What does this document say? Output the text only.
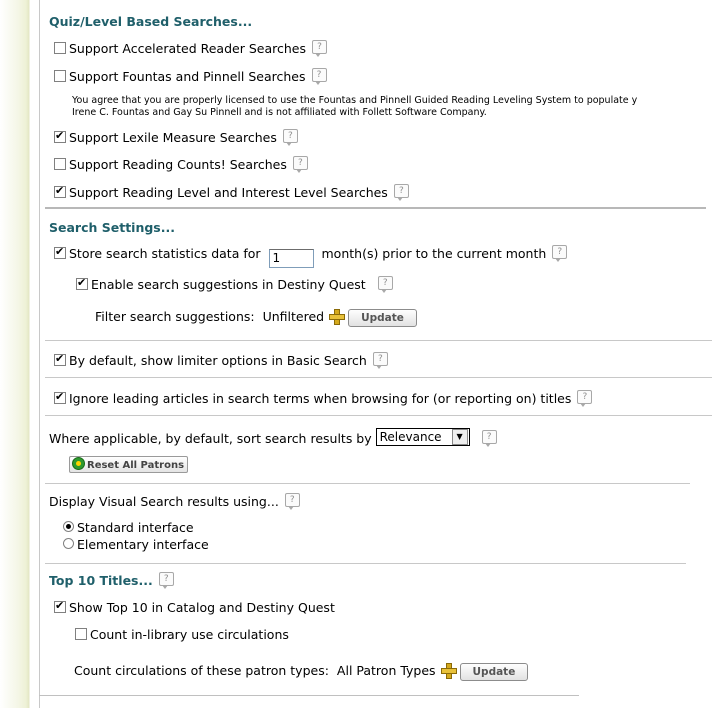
Quiz/Level Based Searches...
Support Accelerated Reader Searches ?
Support Fountas and Pinnell Searches ?
You agree that you are properly licensed to use the Fountas and Pinnell Guided Reading Leveling System to populate y
Irene C. Fountas and Gay Su Pinnell and is not affiliated with Follett Software Company.
✔Support Lexile Measure Searches ?
Support Reading Counts! Searches ?
✔Support Reading Level and Interest Level Searches ?
Search Settings...
✔Store search statistics data for 1	month(s) prior to the current month ?
✔Enable search suggestions in Destiny Quest ?
Filter search suggestions: Unfiltered	Update
✔By default, show limiter options in Basic Search ?
✔Ignore leading articles in search terms when browsing for (or reporting on) titles ?
Where applicable, by default, sort search results by Relevance
▼	?
Reset All Patrons
Display Visual Search results using... ?
Standard interface
Elementary interface
Top 10 Titles... ?
✔Show Top 10 in Catalog and Destiny Quest
Count in-library use circulations
Count circulations of these patron types: All Patron Types	Update
